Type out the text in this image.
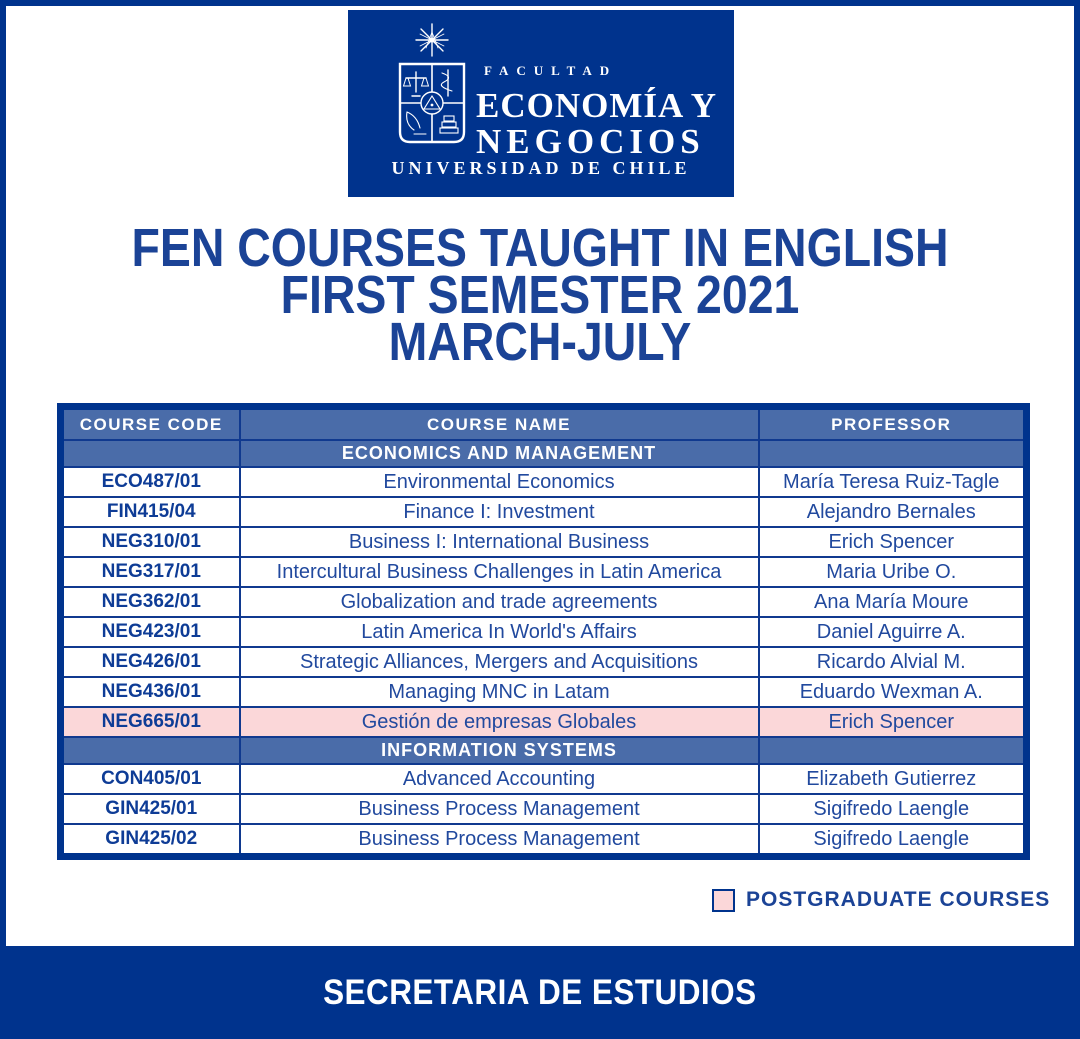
FACULTAD
ECONOMÍA Y
NEGOCIOS
UNIVERSIDAD DE CHILE
FEN COURSES TAUGHT IN ENGLISH
FIRST SEMESTER 2021
MARCH-JULY
COURSE CODE	COURSE NAME	PROFESSOR
	ECONOMICS AND MANAGEMENT	
ECO487/01	Environmental Economics	María Teresa Ruiz-Tagle
FIN415/04	Finance I: Investment	Alejandro Bernales
NEG310/01	Business I: International Business	Erich Spencer
NEG317/01	Intercultural Business Challenges in Latin America	Maria Uribe O.
NEG362/01	Globalization and trade agreements	Ana María Moure
NEG423/01	Latin America In World's Affairs	Daniel Aguirre A.
NEG426/01	Strategic Alliances, Mergers and Acquisitions	Ricardo Alvial M.
NEG436/01	Managing MNC in Latam	Eduardo Wexman A.
NEG665/01	Gestión de empresas Globales	Erich Spencer
	INFORMATION SYSTEMS	
CON405/01	Advanced Accounting	Elizabeth Gutierrez
GIN425/01	Business Process Management	Sigifredo Laengle
GIN425/02	Business Process Management	Sigifredo Laengle
POSTGRADUATE COURSES
SECRETARIA DE ESTUDIOS
